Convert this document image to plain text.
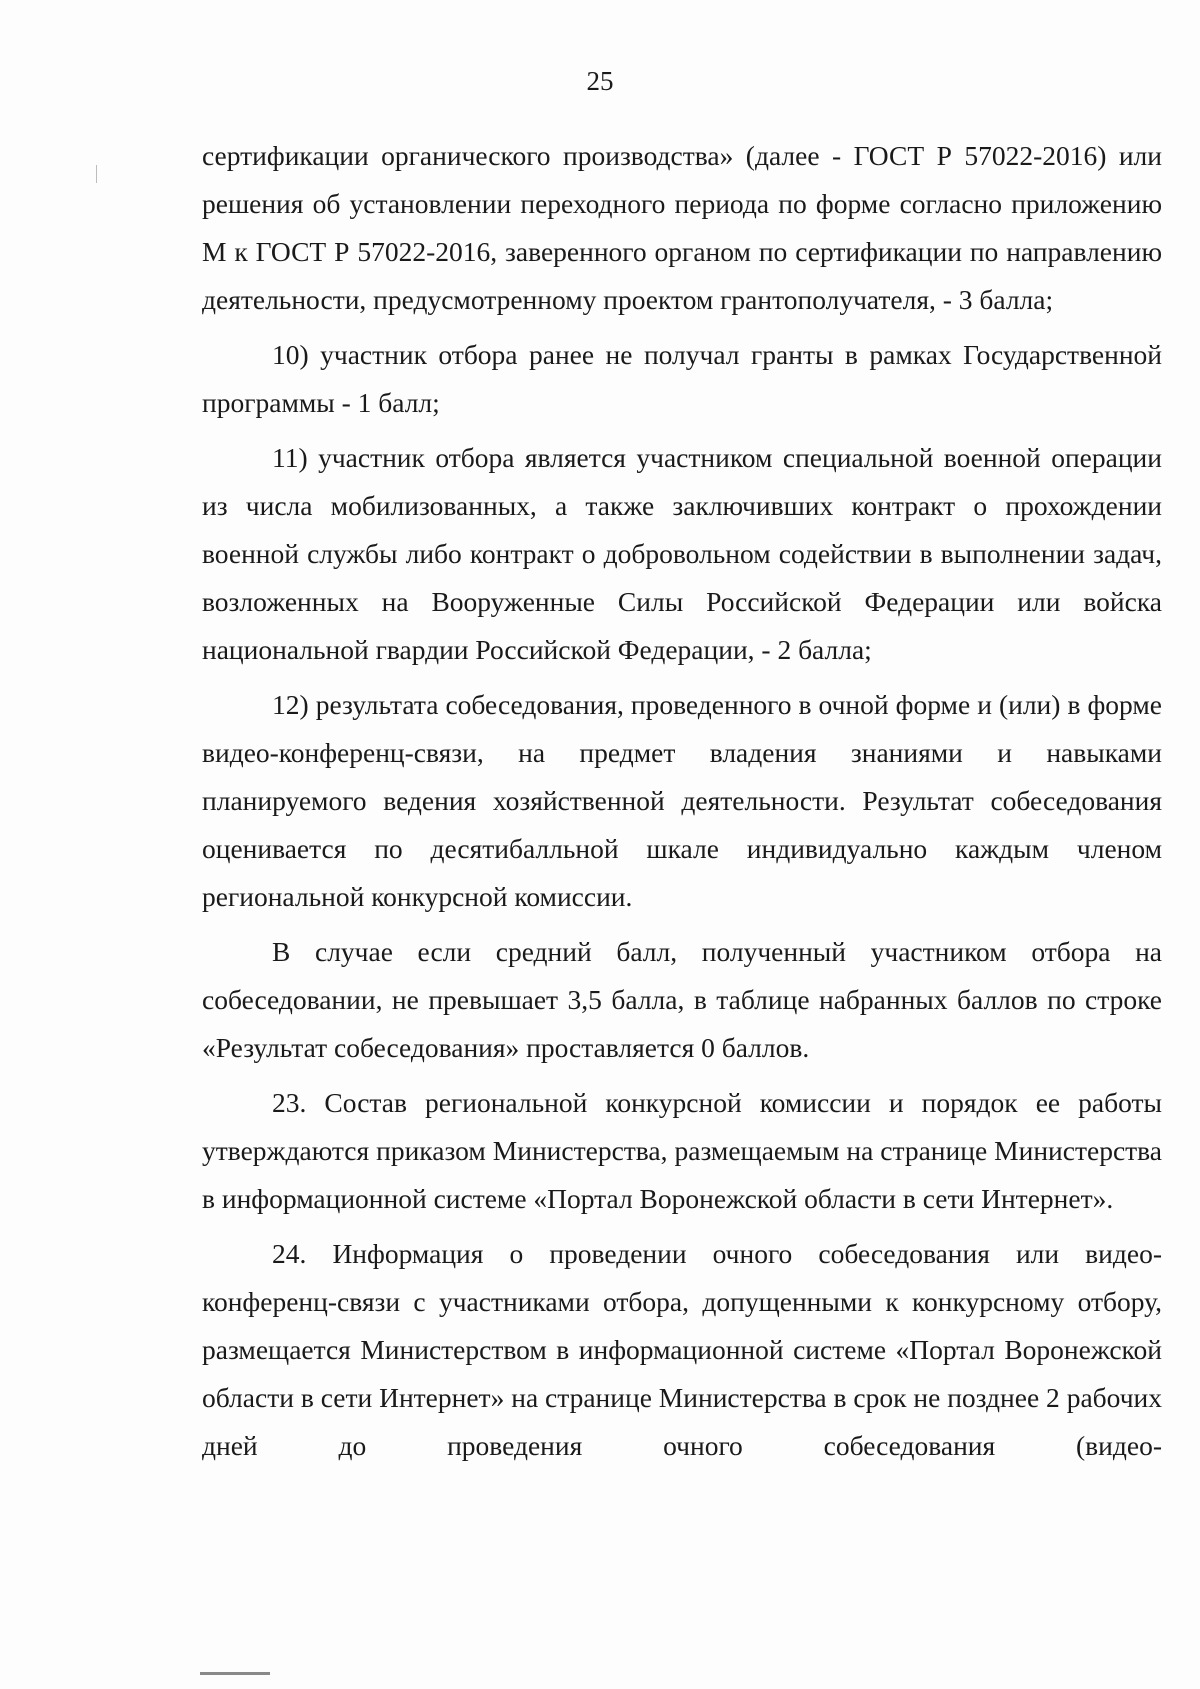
25

сертификации органического производства» (далее - ГОСТ Р 57022-2016) или решения об установлении переходного периода по форме согласно приложению М к ГОСТ Р 57022-2016, заверенного органом по сертификации по направлению деятельности, предусмотренному проектом грантополучателя, - 3 балла;

10) участник отбора ранее не получал гранты в рамках Государственной программы - 1 балл;

11) участник отбора является участником специальной военной операции из числа мобилизованных, а также заключивших контракт о прохождении военной службы либо контракт о добровольном содействии в выполнении задач, возложенных на Вооруженные Силы Российской Федерации или войска национальной гвардии Российской Федерации, - 2 балла;

12) результата собеседования, проведенного в очной форме и (или) в форме видео-конференц-связи, на предмет владения знаниями и навыками планируемого ведения хозяйственной деятельности. Результат собеседования оценивается по десятибалльной шкале индивидуально каждым членом региональной конкурсной комиссии.

В случае если средний балл, полученный участником отбора на собеседовании, не превышает 3,5 балла, в таблице набранных баллов по строке «Результат собеседования» проставляется 0 баллов.

23. Состав региональной конкурсной комиссии и порядок ее работы утверждаются приказом Министерства, размещаемым на странице Министерства в информационной системе «Портал Воронежской области в сети Интернет».

24. Информация о проведении очного собеседования или видео-конференц-связи с участниками отбора, допущенными к конкурсному отбору, размещается Министерством в информационной системе «Портал Воронежской области в сети Интернет» на странице Министерства в срок не позднее 2 рабочих дней до проведения очного собеседования (видео-
